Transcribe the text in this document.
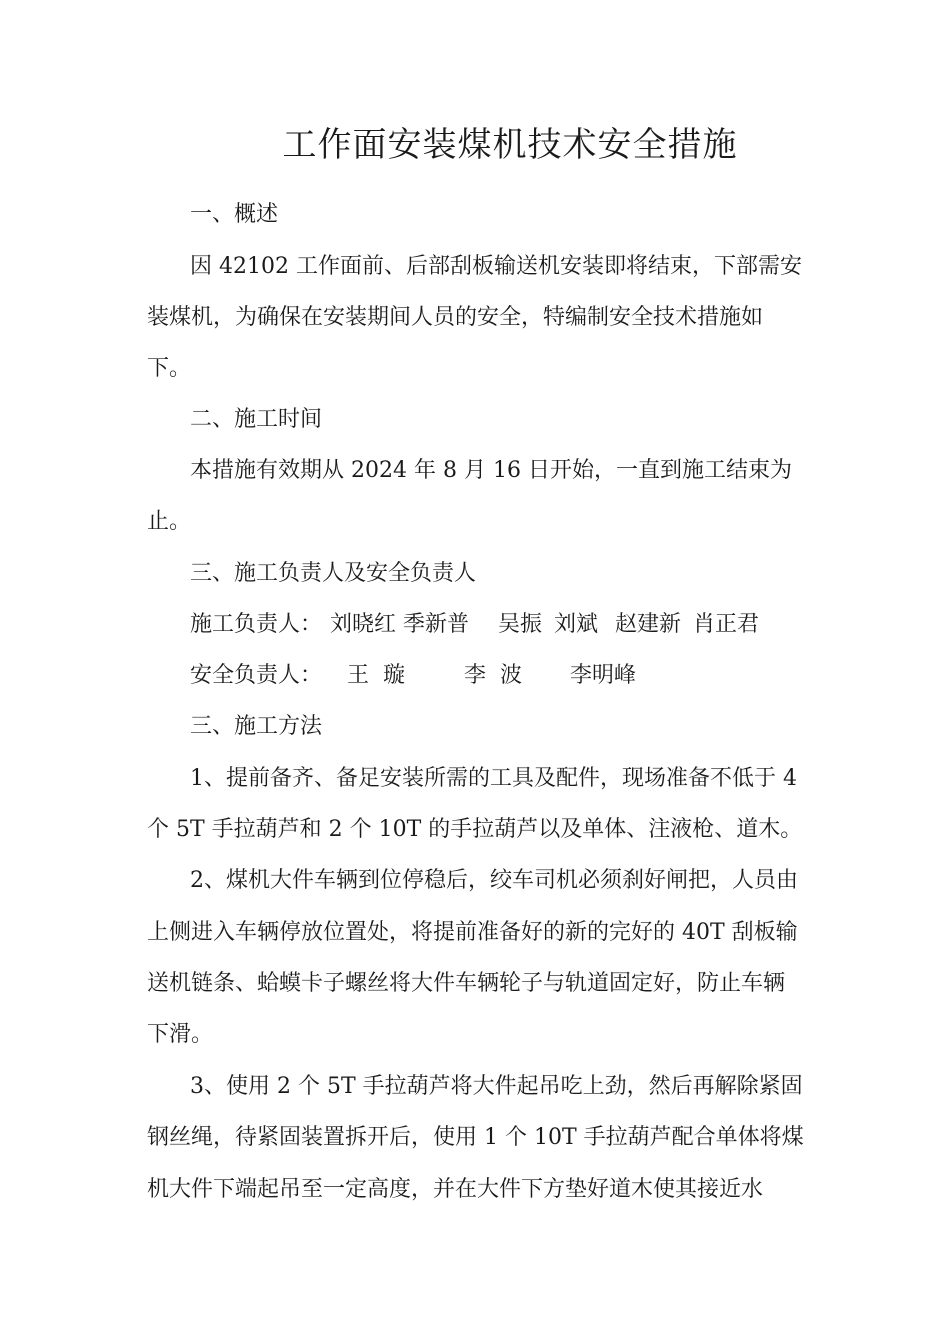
工作面安装煤机技术安全措施
一、概述
因 42102 工作面前、后部刮板输送机安装即将结束，下部需安
装煤机，为确保在安装期间人员的安全，特编制安全技术措施如
下。
二、施工时间
本措施有效期从 2024 年 8 月 16 日开始，一直到施工结束为
止。
三、施工负责人及安全负责人
施工负责人： 刘晓红 季新普 吴振 刘斌 赵建新 肖正君
安全负责人： 王  璇	李  波 李明峰
三、施工方法
1、提前备齐、备足安装所需的工具及配件，现场准备不低于 4
个 5T 手拉葫芦和 2 个 10T 的手拉葫芦以及单体、注液枪、道木。
2、煤机大件车辆到位停稳后，绞车司机必须刹好闸把，人员由
上侧进入车辆停放位置处，将提前准备好的新的完好的 40T 刮板输
送机链条、蛤蟆卡子螺丝将大件车辆轮子与轨道固定好，防止车辆
下滑。
3、使用 2 个 5T 手拉葫芦将大件起吊吃上劲，然后再解除紧固
钢丝绳，待紧固装置拆开后，使用 1 个 10T 手拉葫芦配合单体将煤
机大件下端起吊至一定高度，并在大件下方垫好道木使其接近水
